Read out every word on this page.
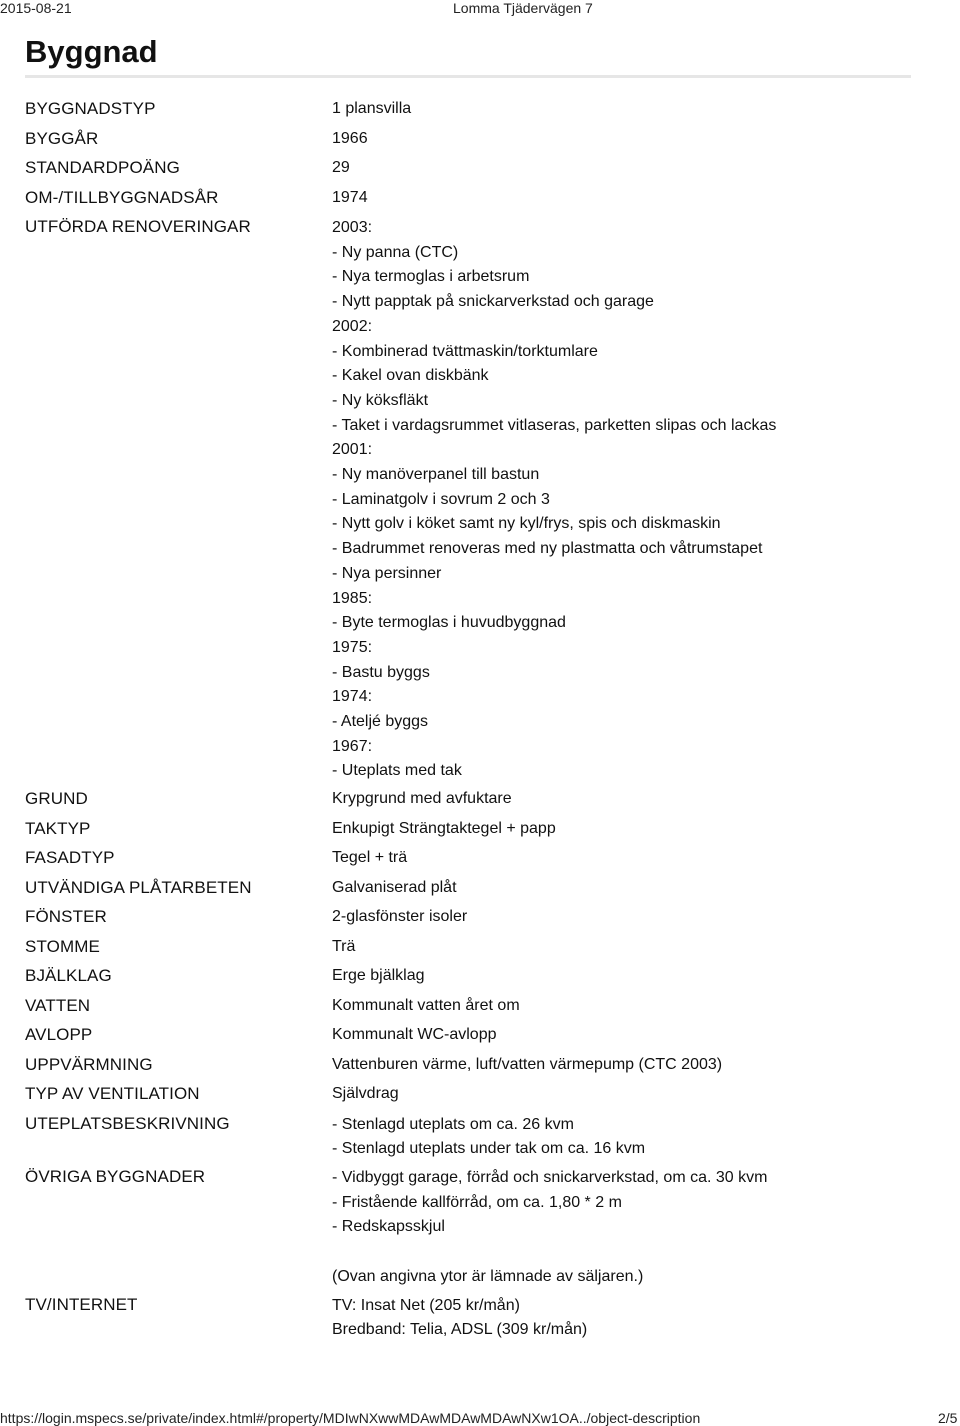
2015-08-21	Lomma Tjädervägen 7
Byggnad
BYGGNADSTYP	1 plansvilla
BYGGÅR	1966
STANDARDPOÄNG	29
OM-/TILLBYGGNADSÅR	1974
UTFÖRDA RENOVERINGAR	2003:
- Ny panna (CTC)
- Nya termoglas i arbetsrum
- Nytt papptak på snickarverkstad och garage
2002:
- Kombinerad tvättmaskin/torktumlare
- Kakel ovan diskbänk
- Ny köksfläkt
- Taket i vardagsrummet vitlaseras, parketten slipas och lackas
2001:
- Ny manöverpanel till bastun
- Laminatgolv i sovrum 2 och 3
- Nytt golv i köket samt ny kyl/frys, spis och diskmaskin
- Badrummet renoveras med ny plastmatta och våtrumstapet
- Nya persinner
1985:
- Byte termoglas i huvudbyggnad
1975:
- Bastu byggs
1974:
- Ateljé byggs
1967:
- Uteplats med tak
GRUND	Krypgrund med avfuktare
TAKTYP	Enkupigt Strängtaktegel + papp
FASADTYP	Tegel + trä
UTVÄNDIGA PLÅTARBETEN	Galvaniserad plåt
FÖNSTER	2-glasfönster isoler
STOMME	Trä
BJÄLKLAG	Erge bjälklag
VATTEN	Kommunalt vatten året om
AVLOPP	Kommunalt WC-avlopp
UPPVÄRMNING	Vattenburen värme, luft/vatten värmepump (CTC 2003)
TYP AV VENTILATION	Självdrag
UTEPLATSBESKRIVNING	- Stenlagd uteplats om ca. 26 kvm
- Stenlagd uteplats under tak om ca. 16 kvm
ÖVRIGA BYGGNADER	- Vidbyggt garage, förråd och snickarverkstad, om ca. 30 kvm
- Fristående kallförråd, om ca. 1,80 * 2 m
- Redskapsskjul
(Ovan angivna ytor är lämnade av säljaren.)
TV/INTERNET	TV: Insat Net (205 kr/mån)
Bredband: Telia, ADSL (309 kr/mån)
https://login.mspecs.se/private/index.html#/property/MDIwNXwwMDAwMDAwMDAwNXw1OA../object-description	2/5
